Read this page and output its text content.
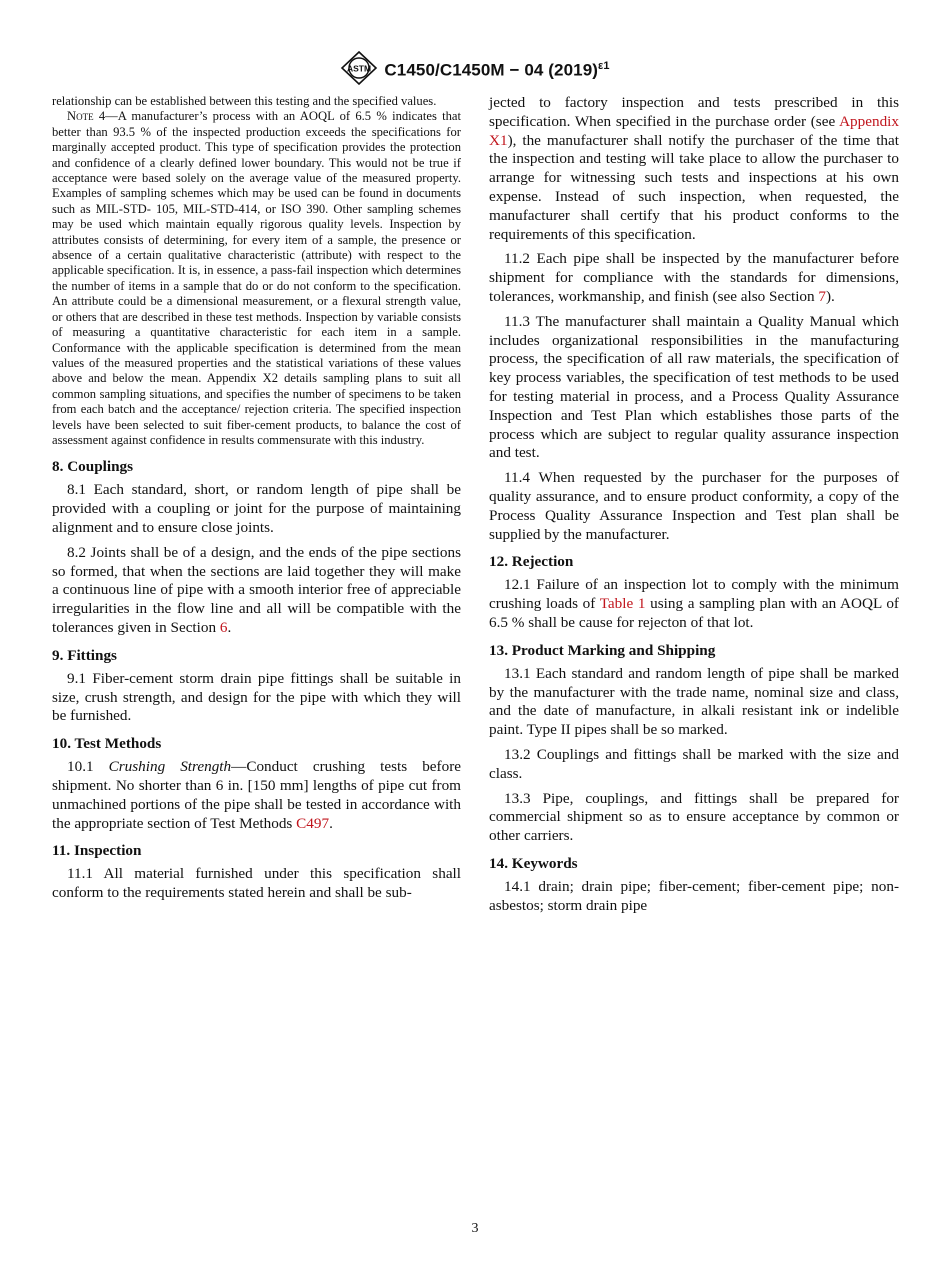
ASTM C1450/C1450M − 04 $(2019)^{\varepsilon 1}$

relationship can be established between this testing and the specified values.

Note 4—A manufacturer’s process with an AOQL of 6.5 % indicates that better than 93.5 % of the inspected production exceeds the specifications for marginally accepted product. This type of specification provides the protection and confidence of a clearly defined lower boundary. This would not be true if acceptance were based solely on the average value of the measured property. Examples of sampling schemes which may be used can be found in documents such as MIL-STD- 105, MIL-STD-414, or ISO 390. Other sampling schemes may be used which maintain equally rigorous quality levels. Inspection by attributes consists of determining, for every item of a sample, the presence or absence of a certain qualitative characteristic (attribute) with respect to the applicable specification. It is, in essence, a pass-fail inspection which determines the number of items in a sample that do or do not conform to the specification. An attribute could be a dimensional measurement, or a flexural strength value, or others that are described in these test methods. Inspection by variable consists of measuring a quantitative characteristic for each item in a sample. Conformance with the applicable specification is determined from the mean values of the measured properties and the statistical variations of these values above and below the mean. Appendix X2 details sampling plans to suit all common sampling situations, and specifies the number of specimens to be taken from each batch and the acceptance/ rejection criteria. The specified inspection levels have been selected to suit fiber-cement products, to balance the cost of assessment against confidence in results commensurate with this industry.

8. Couplings

8.1 Each standard, short, or random length of pipe shall be provided with a coupling or joint for the purpose of maintaining alignment and to ensure close joints.

8.2 Joints shall be of a design, and the ends of the pipe sections so formed, that when the sections are laid together they will make a continuous line of pipe with a smooth interior free of appreciable irregularities in the flow line and all will be compatible with the tolerances given in Section 6.

9. Fittings

9.1 Fiber-cement storm drain pipe fittings shall be suitable in size, crush strength, and design for the pipe with which they will be furnished.

10. Test Methods

10.1 Crushing Strength—Conduct crushing tests before shipment. No shorter than 6 in. [150 mm] lengths of pipe cut from unmachined portions of the pipe shall be tested in accordance with the appropriate section of Test Methods C497.

11. Inspection

11.1 All material furnished under this specification shall conform to the requirements stated herein and shall be sub-

jected to factory inspection and tests prescribed in this specification. When specified in the purchase order (see Appendix X1), the manufacturer shall notify the purchaser of the time that the inspection and testing will take place to allow the purchaser to arrange for witnessing such tests and inspections at his own expense. Instead of such inspection, when requested, the manufacturer shall certify that his product conforms to the requirements of this specification.

11.2 Each pipe shall be inspected by the manufacturer before shipment for compliance with the standards for dimensions, tolerances, workmanship, and finish (see also Section 7).

11.3 The manufacturer shall maintain a Quality Manual which includes organizational responsibilities in the manufacturing process, the specification of all raw materials, the specification of key process variables, the specification of test methods to be used for testing material in process, and a Process Quality Assurance Inspection and Test Plan which establishes those parts of the process which are subject to regular quality assurance inspection and test.

11.4 When requested by the purchaser for the purposes of quality assurance, and to ensure product conformity, a copy of the Process Quality Assurance Inspection and Test plan shall be supplied by the manufacturer.

12. Rejection

12.1 Failure of an inspection lot to comply with the minimum crushing loads of Table 1 using a sampling plan with an AOQL of 6.5 % shall be cause for rejecton of that lot.

13. Product Marking and Shipping

13.1 Each standard and random length of pipe shall be marked by the manufacturer with the trade name, nominal size and class, and the date of manufacture, in alkali resistant ink or indelible paint. Type II pipes shall be so marked.

13.2 Couplings and fittings shall be marked with the size and class.

13.3 Pipe, couplings, and fittings shall be prepared for commercial shipment so as to ensure acceptance by common or other carriers.

14. Keywords

14.1 drain; drain pipe; fiber-cement; fiber-cement pipe; non-asbestos; storm drain pipe

3
